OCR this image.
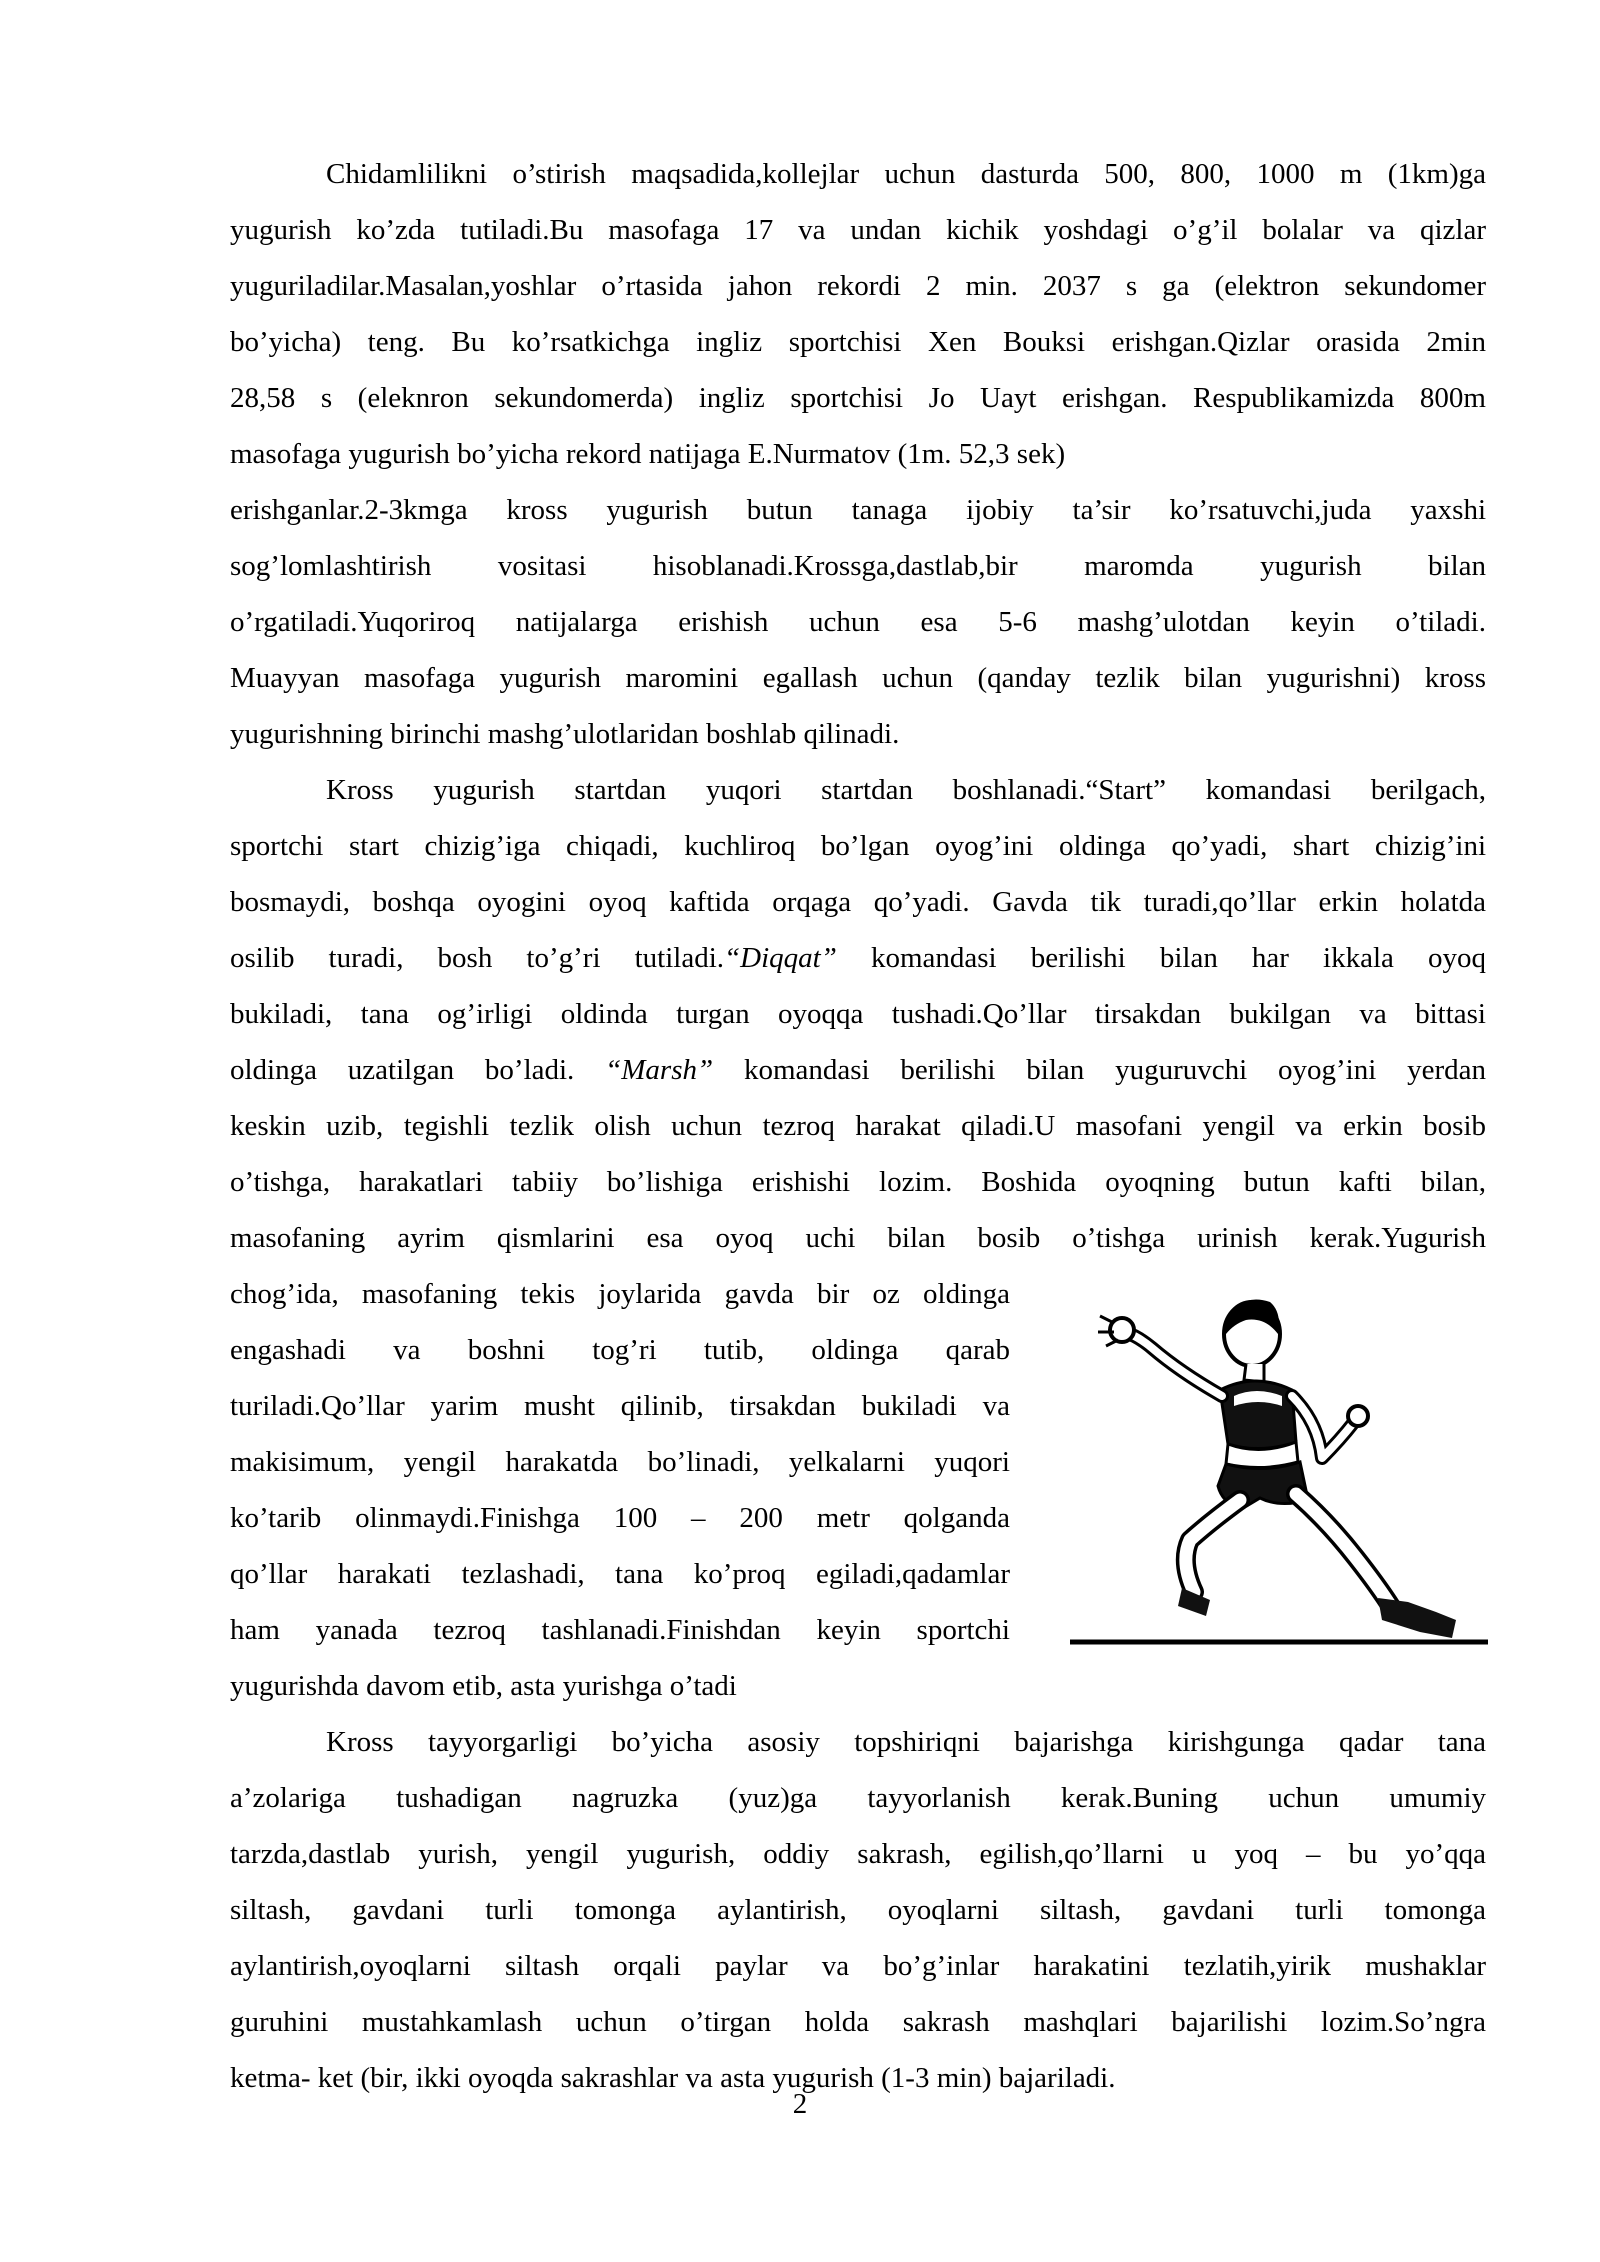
Chidamlilikni o’stirish maqsadida,kollejlar uchun dasturda 500, 800, 1000 m (1km)ga
yugurish ko’zda tutiladi.Bu masofaga 17 va undan kichik yoshdagi o’g’il bolalar va qizlar
yuguriladilar.Masalan,yoshlar o’rtasida jahon rekordi 2 min. 2037 s ga (elektron sekundomer
bo’yicha) teng. Bu ko’rsatkichga ingliz sportchisi Xen Bouksi erishgan.Qizlar orasida 2min
28,58 s (eleknron sekundomerda) ingliz sportchisi Jo Uayt erishgan. Respublikamizda 800m
masofaga yugurish bo’yicha rekord natijaga E.Nurmatov (1m. 52,3 sek)
erishganlar.2-3kmga kross yugurish butun tanaga ijobiy ta’sir ko’rsatuvchi,juda yaxshi
sog’lomlashtirish vositasi hisoblanadi.Krossga,dastlab,bir maromda yugurish bilan
o’rgatiladi.Yuqoriroq natijalarga erishish uchun esa 5-6 mashg’ulotdan keyin o’tiladi.
Muayyan masofaga yugurish maromini egallash uchun (qanday tezlik bilan yugurishni) kross
yugurishning birinchi mashg’ulotlaridan boshlab qilinadi.

Kross yugurish startdan yuqori startdan boshlanadi.“Start” komandasi berilgach,
sportchi start chizig’iga chiqadi, kuchliroq bo’lgan oyog’ini oldinga qo’yadi, shart chizig’ini
bosmaydi, boshqa oyogini oyoq kaftida orqaga qo’yadi. Gavda tik turadi,qo’llar erkin holatda
osilib turadi, bosh to’g’ri tutiladi.“Diqqat” komandasi berilishi bilan har ikkala oyoq
bukiladi, tana og’irligi oldinda turgan oyoqqa tushadi.Qo’llar tirsakdan bukilgan va bittasi
oldinga uzatilgan bo’ladi. “Marsh” komandasi berilishi bilan yuguruvchi oyog’ini yerdan
keskin uzib, tegishli tezlik olish uchun tezroq harakat qiladi.U masofani yengil va erkin bosib
o’tishga, harakatlari tabiiy bo’lishiga erishishi lozim. Boshida oyoqning butun kafti bilan,
masofaning ayrim qismlarini esa oyoq uchi bilan bosib o’tishga urinish kerak.Yugurish

chog’ida, masofaning tekis joylarida gavda bir oz oldinga
engashadi va boshni tog’ri tutib, oldinga qarab
turiladi.Qo’llar yarim musht qilinib, tirsakdan bukiladi va
makisimum, yengil harakatda bo’linadi, yelkalarni yuqori
ko’tarib olinmaydi.Finishga 100 – 200 metr qolganda
qo’llar harakati tezlashadi, tana ko’proq egiladi,qadamlar
ham yanada tezroq tashlanadi.Finishdan keyin sportchi
yugurishda davom etib, asta yurishga o’tadi

Kross tayyorgarligi bo’yicha asosiy topshiriqni bajarishga kirishgunga qadar tana
a’zolariga tushadigan nagruzka (yuz)ga tayyorlanish kerak.Buning uchun umumiy
tarzda,dastlab yurish, yengil yugurish, oddiy sakrash, egilish,qo’llarni u yoq – bu yo’qqa
siltash, gavdani turli tomonga aylantirish, oyoqlarni siltash, gavdani turli tomonga
aylantirish,oyoqlarni siltash orqali paylar va bo’g’inlar harakatini tezlatih,yirik mushaklar
guruhini mustahkamlash uchun o’tirgan holda sakrash mashqlari bajarilishi lozim.So’ngra
ketma- ket (bir, ikki oyoqda sakrashlar va asta yugurish (1-3 min) bajariladi.

2
